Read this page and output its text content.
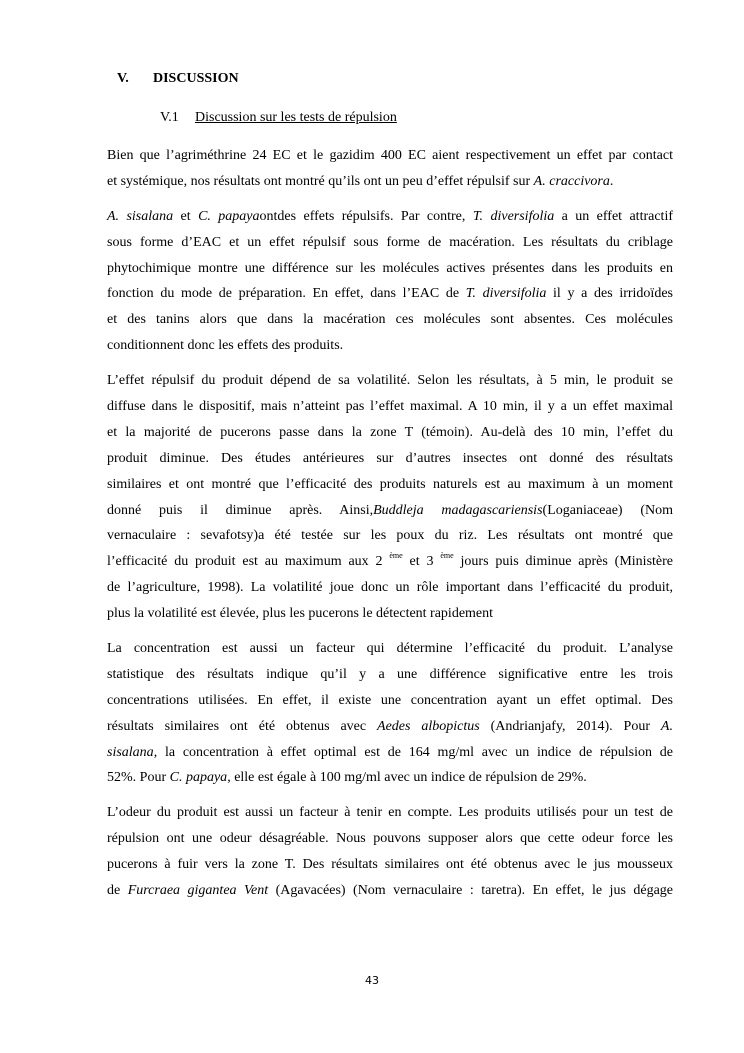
V. DISCUSSION
V.1 Discussion sur les tests de répulsion
Bien que l’agriméthrine 24 EC et le gazidim 400 EC aient respectivement un effet par contact
et systémique, nos résultats ont montré qu’ils ont un peu d’effet répulsif sur A. craccivora.
A. sisalana et C. papayaontdes effets répulsifs. Par contre, T. diversifolia a un effet attractif
sous forme d’EAC et un effet répulsif sous forme de macération. Les résultats du criblage
phytochimique montre une différence sur les molécules actives présentes dans les produits en
fonction du mode de préparation. En effet, dans l’EAC de T. diversifolia il y a des irridoïdes
et des tanins alors que dans la macération ces molécules sont absentes. Ces molécules
conditionnent donc les effets des produits.
L’effet répulsif du produit dépend de sa volatilité. Selon les résultats, à 5 min, le produit se
diffuse dans le dispositif, mais n’atteint pas l’effet maximal. A 10 min, il y a un effet maximal
et la majorité de pucerons passe dans la zone T (témoin). Au-delà des 10 min, l’effet du
produit diminue. Des études antérieures sur d’autres insectes ont donné des résultats
similaires et ont montré que l’efficacité des produits naturels est au maximum à un moment
donné puis il diminue après. Ainsi,Buddleja madagascariensis(Loganiaceae) (Nom
vernaculaire : sevafotsy)a été testée sur les poux du riz. Les résultats ont montré que
l’efficacité du produit est au maximum aux 2 $^{ème}$ et 3 $^{ème}$ jours puis diminue après (Ministère
de l’agriculture, 1998). La volatilité joue donc un rôle important dans l’efficacité du produit,
plus la volatilité est élevée, plus les pucerons le détectent rapidement
La concentration est aussi un facteur qui détermine l’efficacité du produit. L’analyse
statistique des résultats indique qu’il y a une différence significative entre les trois
concentrations utilisées. En effet, il existe une concentration ayant un effet optimal. Des
résultats similaires ont été obtenus avec Aedes albopictus (Andrianjafy, 2014). Pour A.
sisalana, la concentration à effet optimal est de 164 mg/ml avec un indice de répulsion de
52%. Pour C. papaya, elle est égale à 100 mg/ml avec un indice de répulsion de 29%.
L’odeur du produit est aussi un facteur à tenir en compte. Les produits utilisés pour un test de
répulsion ont une odeur désagréable. Nous pouvons supposer alors que cette odeur force les
pucerons à fuir vers la zone T. Des résultats similaires ont été obtenus avec le jus mousseux
de Furcraea gigantea Vent (Agavacées) (Nom vernaculaire : taretra). En effet, le jus dégage
43
